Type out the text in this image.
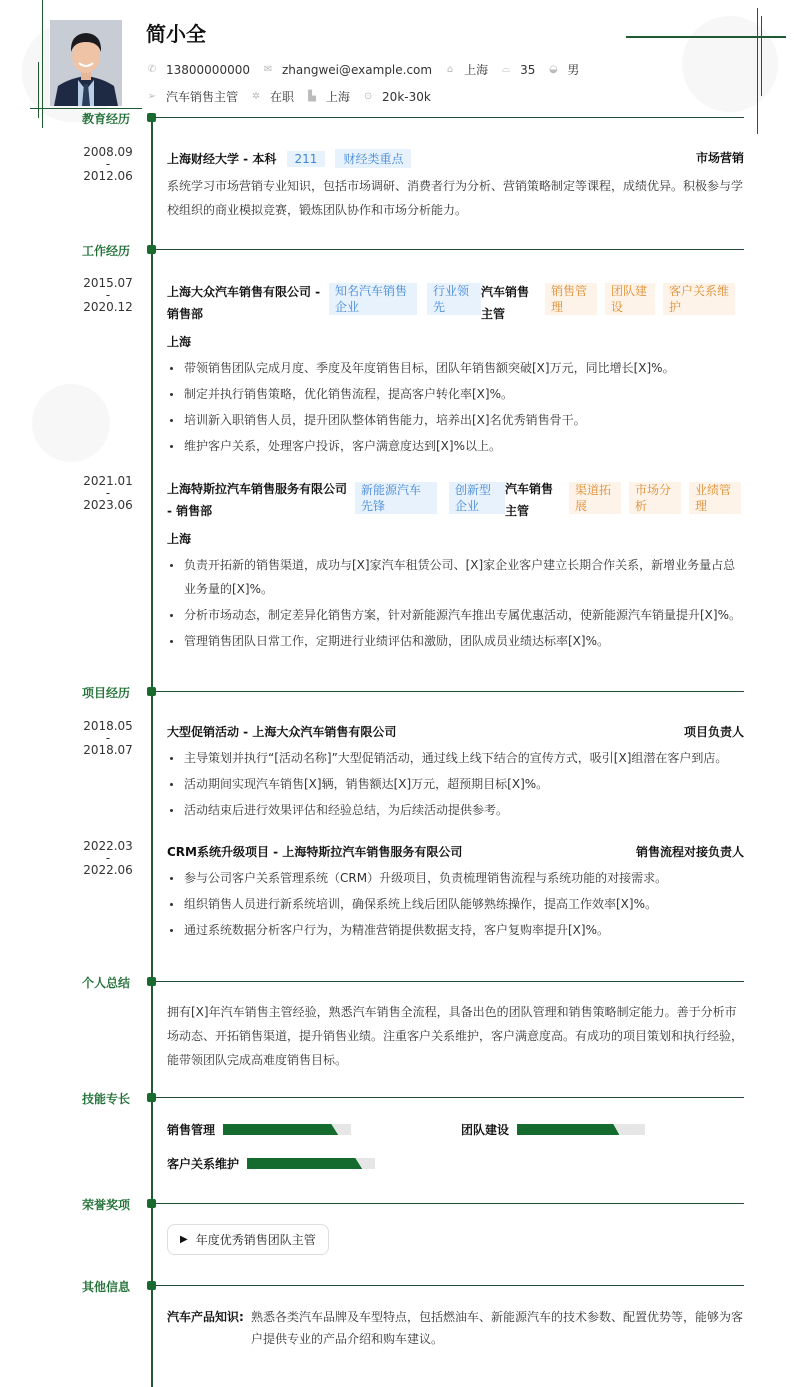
简小全
✆ 13800000000 ✉ zhangwei@example.com ⌂ 上海 ⌓ 35 ◒ 男
➢ 汽车销售主管 ✲ 在职 ▙ 上海 ⊙ 20k-30k
教育经历
2008.09
-
2012.06
上海财经大学 - 本科 211 财经类重点	市场营销
系统学习市场营销专业知识，包括市场调研、消费者行为分析、营销策略制定等课程，成绩优异。积极参与学校组织的商业模拟竞赛，锻炼团队协作和市场分析能力。
工作经历
2015.07
-
2020.12
上海大众汽车销售有限公司 - 销售部
知名汽车销售企业
行业领先
汽车销售主管
销售管理
团队建设
客户关系维护
上海
带领销售团队完成月度、季度及年度销售目标，团队年销售额突破[X]万元，同比增长[X]%。
制定并执行销售策略，优化销售流程，提高客户转化率[X]%。
培训新入职销售人员，提升团队整体销售能力，培养出[X]名优秀销售骨干。
维护客户关系，处理客户投诉，客户满意度达到[X]%以上。
2021.01
-
2023.06
上海特斯拉汽车销售服务有限公司 - 销售部
新能源汽车先锋
创新型企业
汽车销售主管
渠道拓展
市场分析
业绩管理
上海
负责开拓新的销售渠道，成功与[X]家汽车租赁公司、[X]家企业客户建立长期合作关系，新增业务量占总业务量的[X]%。
分析市场动态，制定差异化销售方案，针对新能源汽车推出专属优惠活动，使新能源汽车销量提升[X]%。
管理销售团队日常工作，定期进行业绩评估和激励，团队成员业绩达标率[X]%。
项目经历
2018.05
-
2018.07
大型促销活动 - 上海大众汽车销售有限公司	项目负责人
主导策划并执行“[活动名称]”大型促销活动，通过线上线下结合的宣传方式，吸引[X]组潜在客户到店。
活动期间实现汽车销售[X]辆，销售额达[X]万元，超预期目标[X]%。
活动结束后进行效果评估和经验总结，为后续活动提供参考。
2022.03
-
2022.06
CRM系统升级项目 - 上海特斯拉汽车销售服务有限公司	销售流程对接负责人
参与公司客户关系管理系统（CRM）升级项目，负责梳理销售流程与系统功能的对接需求。
组织销售人员进行新系统培训，确保系统上线后团队能够熟练操作，提高工作效率[X]%。
通过系统数据分析客户行为，为精准营销提供数据支持，客户复购率提升[X]%。
个人总结
拥有[X]年汽车销售主管经验，熟悉汽车销售全流程，具备出色的团队管理和销售策略制定能力。善于分析市场动态、开拓销售渠道，提升销售业绩。注重客户关系维护，客户满意度高。有成功的项目策划和执行经验，能带领团队完成高难度销售目标。
技能专长
销售管理	团队建设
客户关系维护
荣誉奖项
▶ 年度优秀销售团队主管
其他信息
汽车产品知识: 熟悉各类汽车品牌及车型特点，包括燃油车、新能源汽车的技术参数、配置优势等，能够为客户提供专业的产品介绍和购车建议。
